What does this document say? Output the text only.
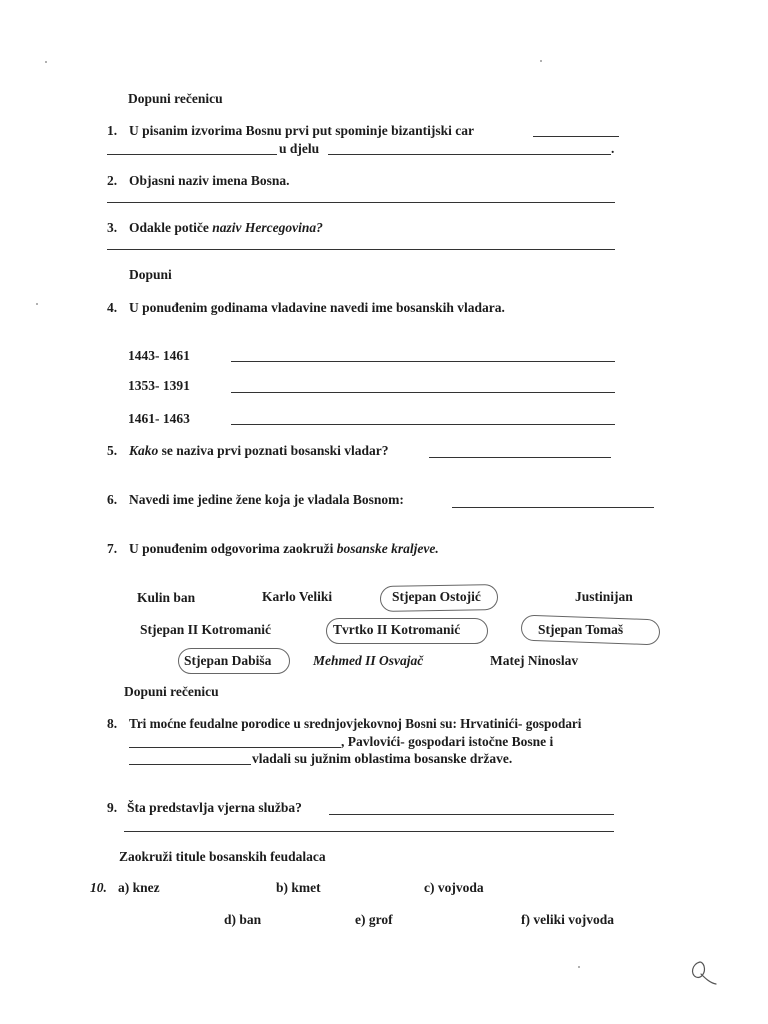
Dopuni rečenicu
1. U pisanim izvorima Bosnu prvi put spominje bizantijski car
u djelu	.
2. Objasni naziv imena Bosna.
3. Odakle potiče naziv Hercegovina?
Dopuni
4. U ponuđenim godinama vladavine navedi ime bosanskih vladara.
1443- 1461
1353- 1391
1461- 1463
5. Kako se naziva prvi poznati bosanski vladar?
6. Navedi ime jedine žene koja je vladala Bosnom:
7. U ponuđenim odgovorima zaokruži bosanske kraljeve.
Kulin ban	Karlo Veliki	Stjepan Ostojić	Justinijan
Stjepan II Kotromanić	Tvrtko II Kotromanić	Stjepan Tomaš
Stjepan Dabiša	Mehmed II Osvajač	Matej Ninoslav
Dopuni rečenicu
8. Tri moćne feudalne porodice u srednjovjekovnoj Bosni su: Hrvatinići- gospodari
, Pavlovići- gospodari istočne Bosne i
vladali su južnim oblastima bosanske države.
9. Šta predstavlja vjerna služba?
Zaokruži titule bosanskih feudalaca
10. a) knez	b) kmet	c) vojvoda
d) ban	e) grof	f) veliki vojvoda
